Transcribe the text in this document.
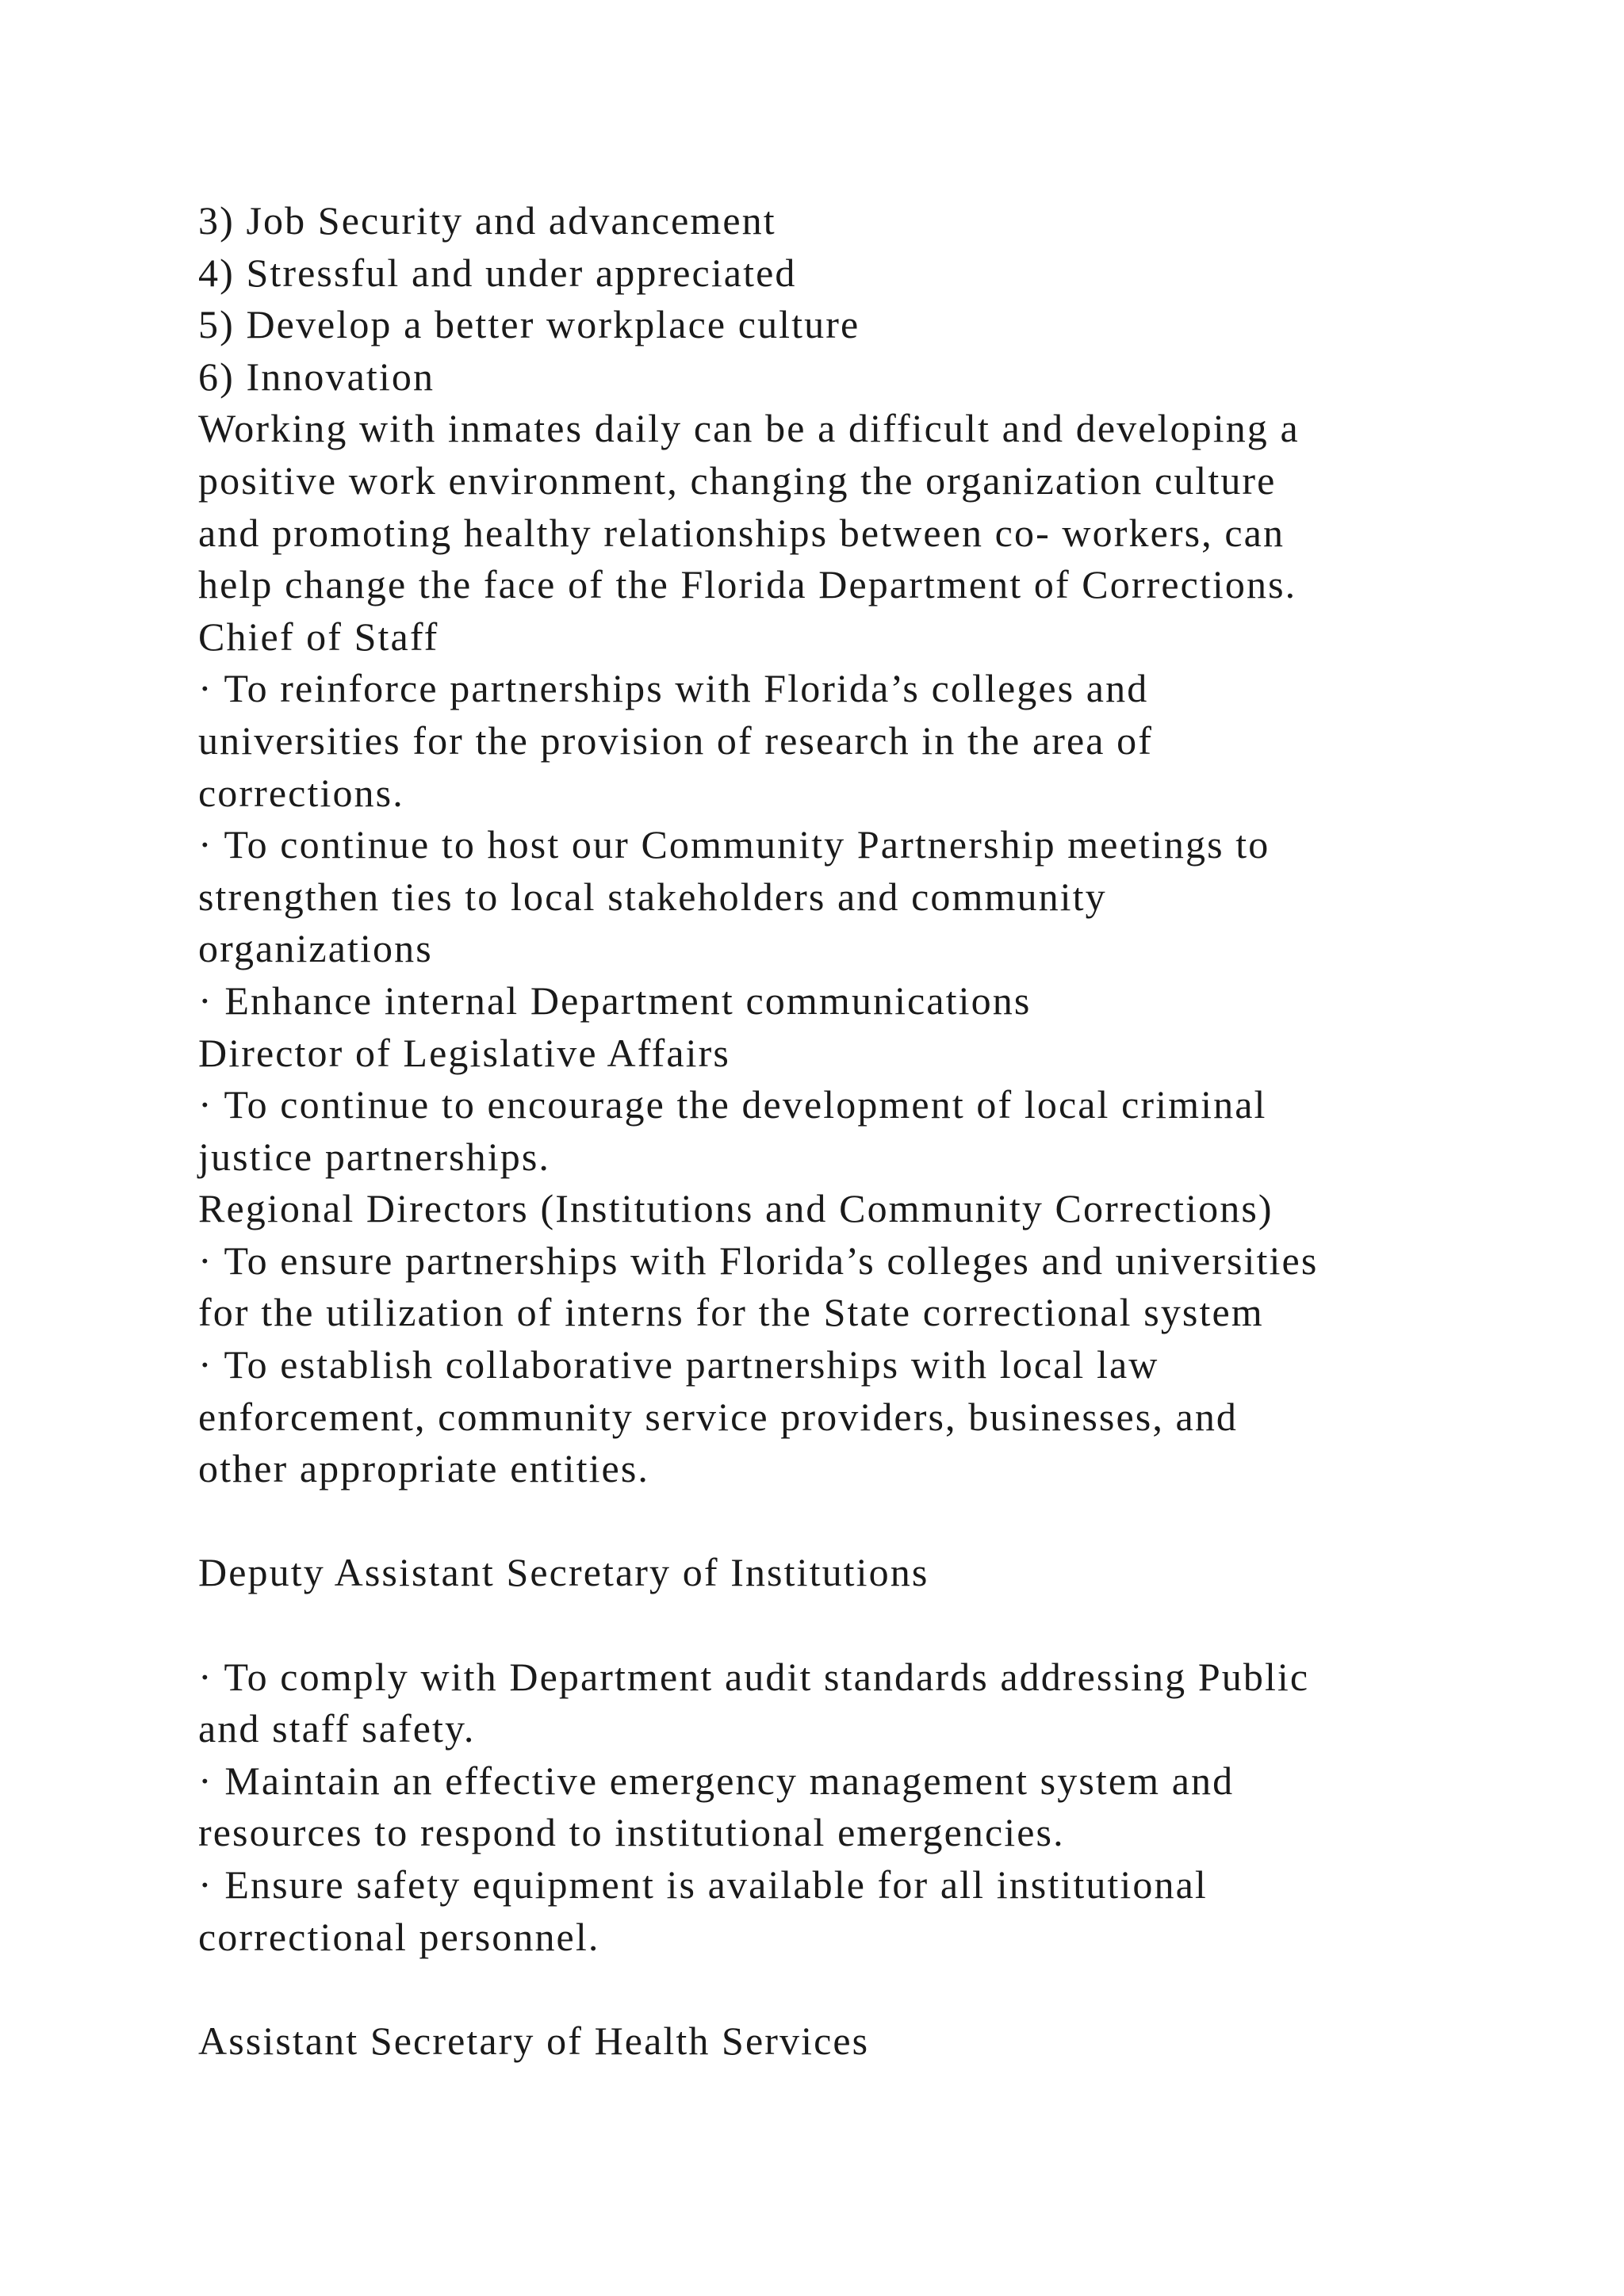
3) Job Security and advancement
4) Stressful and under appreciated
5) Develop a better workplace culture
6) Innovation
Working with inmates daily can be a difficult and developing a
positive work environment, changing the organization culture
and promoting healthy relationships between co- workers, can
help change the face of the Florida Department of Corrections.
Chief of Staff
· To reinforce partnerships with Florida’s colleges and
universities for the provision of research in the area of
corrections.
· To continue to host our Community Partnership meetings to
strengthen ties to local stakeholders and community
organizations
· Enhance internal Department communications
Director of Legislative Affairs
· To continue to encourage the development of local criminal
justice partnerships.
Regional Directors (Institutions and Community Corrections)
· To ensure partnerships with Florida’s colleges and universities
for the utilization of interns for the State correctional system
· To establish collaborative partnerships with local law
enforcement, community service providers, businesses, and
other appropriate entities.
Deputy Assistant Secretary of Institutions
· To comply with Department audit standards addressing Public
and staff safety.
· Maintain an effective emergency management system and
resources to respond to institutional emergencies.
· Ensure safety equipment is available for all institutional
correctional personnel.
Assistant Secretary of Health Services
